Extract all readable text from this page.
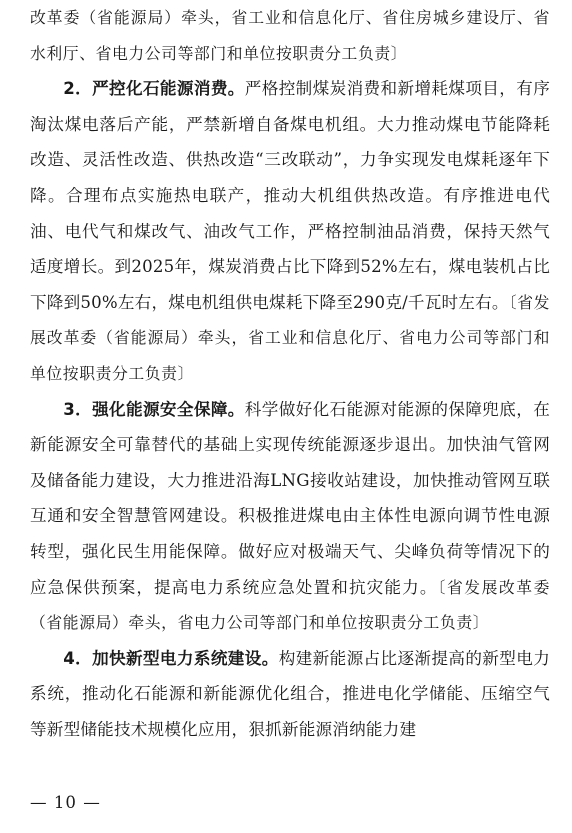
改革委（省能源局）牵头，省工业和信息化厅、省住房城乡建设厅、省水利厅、省电力公司等部门和单位按职责分工负责〕

2．严控化石能源消费。严格控制煤炭消费和新增耗煤项目，有序淘汰煤电落后产能，严禁新增自备煤电机组。大力推动煤电节能降耗改造、灵活性改造、供热改造“三改联动”，力争实现发电煤耗逐年下降。合理布点实施热电联产，推动大机组供热改造。有序推进电代油、电代气和煤改气、油改气工作，严格控制油品消费，保持天然气适度增长。到2025年，煤炭消费占比下降到52%左右，煤电装机占比下降到50%左右，煤电机组供电煤耗下降至290克/千瓦时左右。〔省发展改革委（省能源局）牵头，省工业和信息化厅、省电力公司等部门和单位按职责分工负责〕

3．强化能源安全保障。科学做好化石能源对能源的保障兜底，在新能源安全可靠替代的基础上实现传统能源逐步退出。加快油气管网及储备能力建设，大力推进沿海LNG接收站建设，加快推动管网互联互通和安全智慧管网建设。积极推进煤电由主体性电源向调节性电源转型，强化民生用能保障。做好应对极端天气、尖峰负荷等情况下的应急保供预案，提高电力系统应急处置和抗灾能力。〔省发展改革委（省能源局）牵头，省电力公司等部门和单位按职责分工负责〕

4．加快新型电力系统建设。构建新能源占比逐渐提高的新型电力系统，推动化石能源和新能源优化组合，推进电化学储能、压缩空气等新型储能技术规模化应用，狠抓新能源消纳能力建

— 10 —
